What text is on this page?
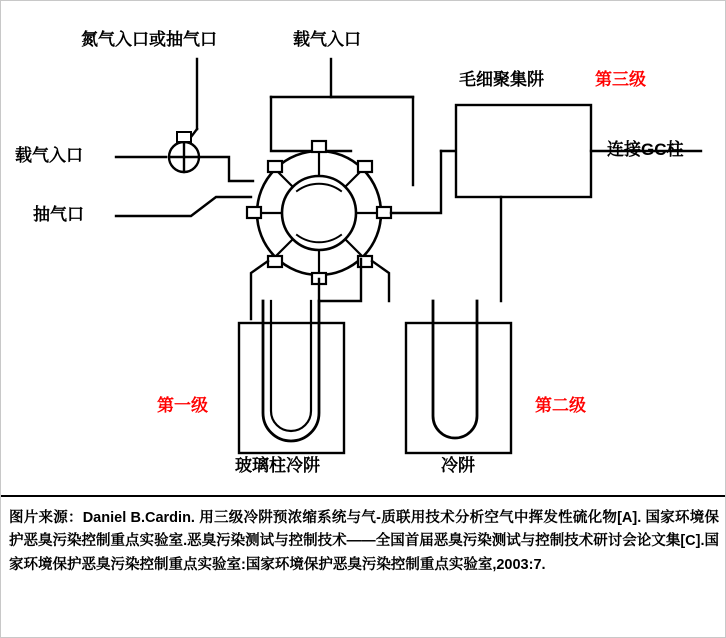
氮气入口或抽气口	载气入口
载气入口
抽气口
毛细聚集阱	第三级
连接GC柱
第一级	第二级
玻璃柱冷阱	冷阱
图片来源：Daniel B.Cardin. 用三级冷阱预浓缩系统与气-质联用技术分析空气中挥发性硫化物[A]. 国家环境保护恶臭污染控制重点实验室.恶臭污染测试与控制技术——全国首届恶臭污染测试与控制技术研讨会论文集[C].国家环境保护恶臭污染控制重点实验室:国家环境保护恶臭污染控制重点实验室,2003:7.
